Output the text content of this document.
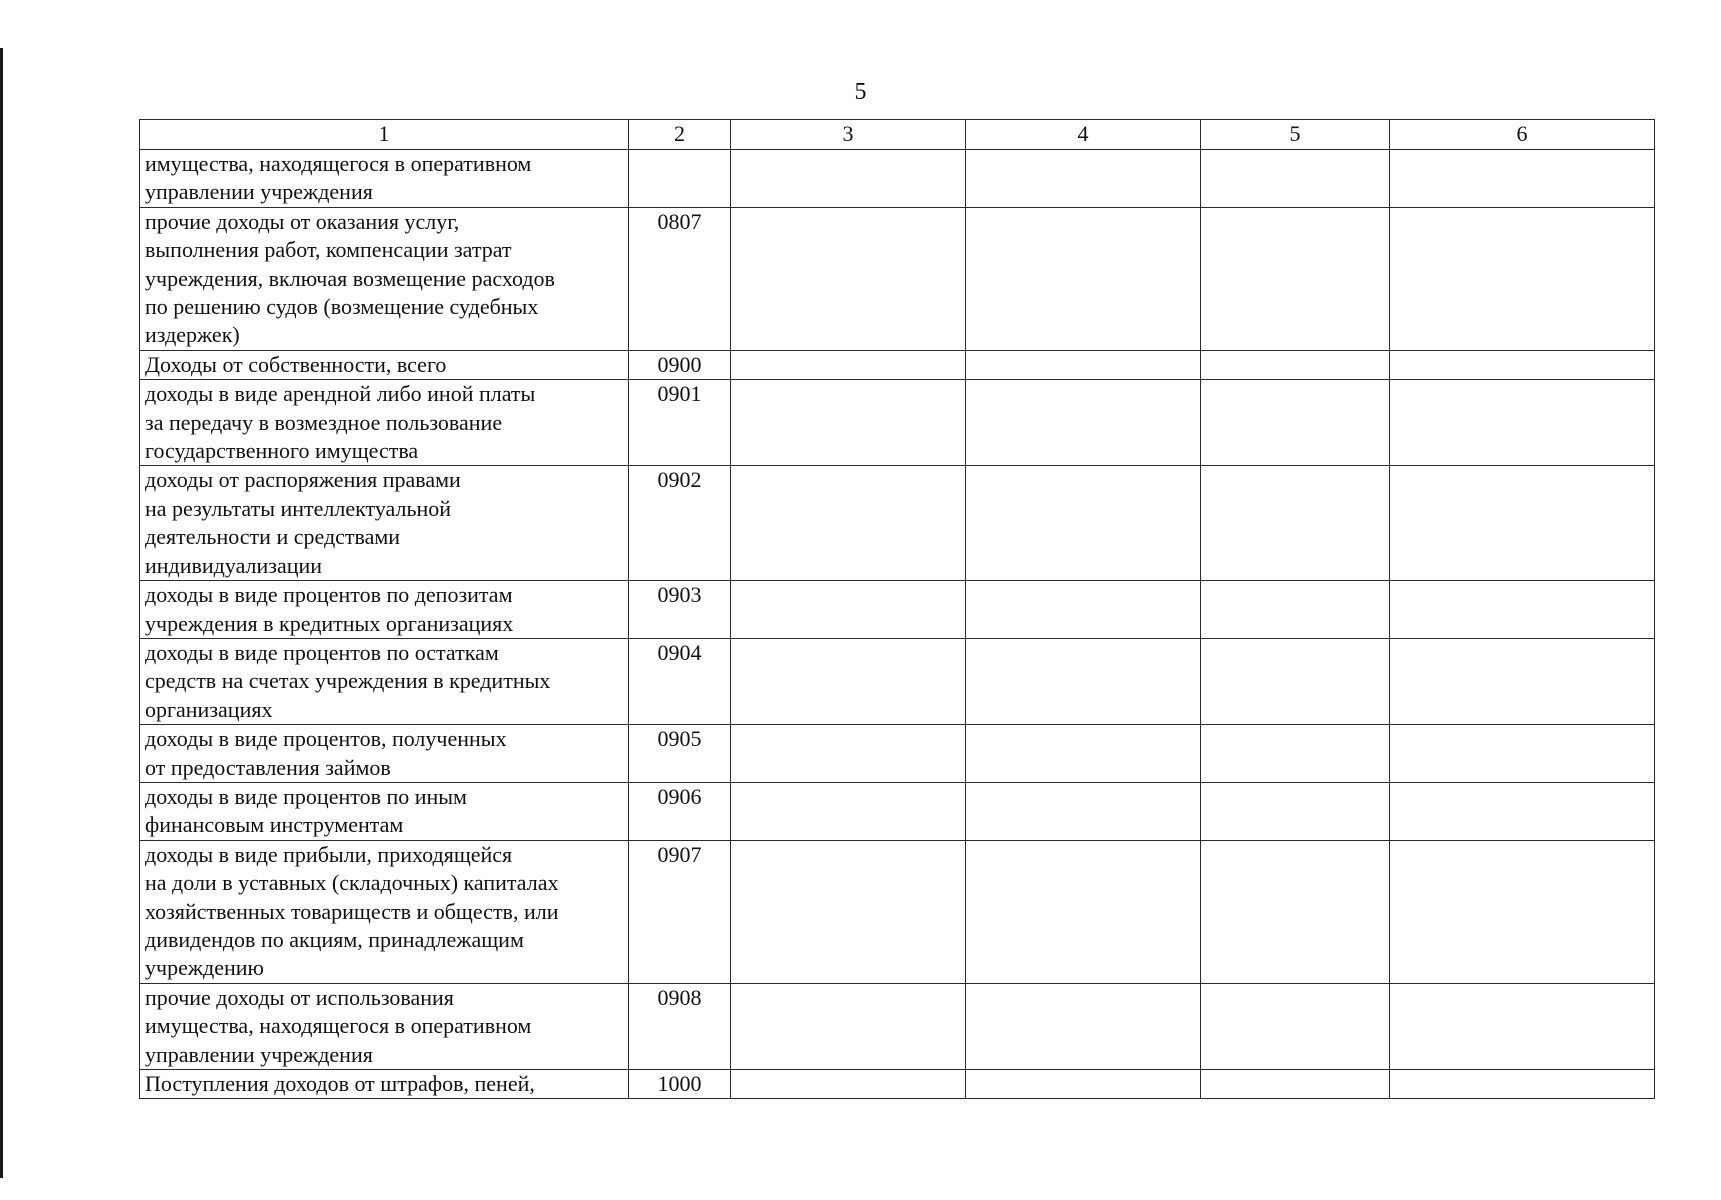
5
1	2	3	4	5	6
имущества, находящегося в оперативном
управлении учреждения					
прочие доходы от оказания услуг,
выполнения работ, компенсации затрат
учреждения, включая возмещение расходов
по решению судов (возмещение судебных
издержек)	0807				
Доходы от собственности, всего	0900				
доходы в виде арендной либо иной платы
за передачу в возмездное пользование
государственного имущества	0901				
доходы от распоряжения правами
на результаты интеллектуальной
деятельности и средствами
индивидуализации	0902				
доходы в виде процентов по депозитам
учреждения в кредитных организациях	0903				
доходы в виде процентов по остаткам
средств на счетах учреждения в кредитных
организациях	0904				
доходы в виде процентов, полученных
от предоставления займов	0905				
доходы в виде процентов по иным
финансовым инструментам	0906				
доходы в виде прибыли, приходящейся
на доли в уставных (складочных) капиталах
хозяйственных товариществ и обществ, или
дивидендов по акциям, принадлежащим
учреждению	0907				
прочие доходы от использования
имущества, находящегося в оперативном
управлении учреждения	0908				
Поступления доходов от штрафов, пеней,	1000				
